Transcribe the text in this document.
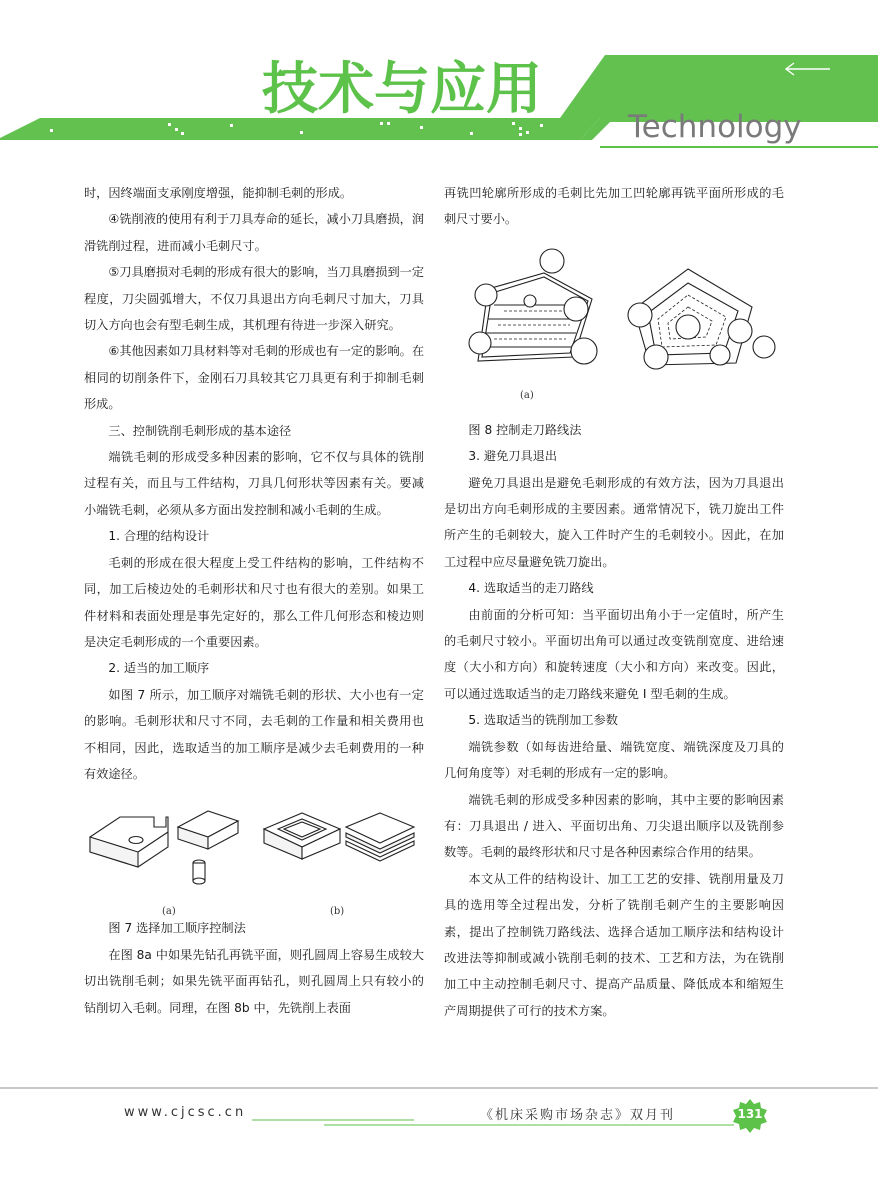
技术与应用
Technology

时，因终端面支承刚度增强，能抑制毛刺的形成。

④铣削液的使用有利于刀具寿命的延长，减小刀具磨损，润滑铣削过程，进而减小毛刺尺寸。

⑤刀具磨损对毛刺的形成有很大的影响，当刀具磨损到一定程度，刀尖圆弧增大，不仅刀具退出方向毛刺尺寸加大，刀具切入方向也会有型毛刺生成，其机理有待进一步深入研究。

⑥其他因素如刀具材料等对毛刺的形成也有一定的影响。在相同的切削条件下，金刚石刀具较其它刀具更有利于抑制毛刺形成。

三、控制铣削毛刺形成的基本途径

端铣毛刺的形成受多种因素的影响，它不仅与具体的铣削过程有关，而且与工件结构，刀具几何形状等因素有关。要减小端铣毛刺，必须从多方面出发控制和减小毛刺的生成。

1. 合理的结构设计

毛刺的形成在很大程度上受工件结构的影响，工件结构不同，加工后棱边处的毛刺形状和尺寸也有很大的差别。如果工件材料和表面处理是事先定好的，那么工件几何形态和棱边则是决定毛刺形成的一个重要因素。

2. 适当的加工顺序

如图 7 所示，加工顺序对端铣毛刺的形状、大小也有一定的影响。毛刺形状和尺寸不同，去毛刺的工作量和相关费用也不相同，因此，选取适当的加工顺序是减少去毛刺费用的一种有效途径。

(a)	(b)

图 7 选择加工顺序控制法

在图 8a 中如果先钻孔再铣平面，则孔圆周上容易生成较大切出铣削毛刺；如果先铣平面再钻孔，则孔圆周上只有较小的钻削切入毛刺。同理，在图 8b 中，先铣削上表面

再铣凹轮廓所形成的毛刺比先加工凹轮廓再铣平面所形成的毛刺尺寸要小。

(a)

图 8 控制走刀路线法

3. 避免刀具退出

避免刀具退出是避免毛刺形成的有效方法，因为刀具退出是切出方向毛刺形成的主要因素。通常情况下，铣刀旋出工件所产生的毛刺较大，旋入工件时产生的毛刺较小。因此，在加工过程中应尽量避免铣刀旋出。

4. 选取适当的走刀路线

由前面的分析可知：当平面切出角小于一定值时，所产生的毛刺尺寸较小。平面切出角可以通过改变铣削宽度、进给速度（大小和方向）和旋转速度（大小和方向）来改变。因此，可以通过选取适当的走刀路线来避免 I 型毛刺的生成。

5. 选取适当的铣削加工参数

端铣参数（如每齿进给量、端铣宽度、端铣深度及刀具的几何角度等）对毛刺的形成有一定的影响。

端铣毛刺的形成受多种因素的影响，其中主要的影响因素有：刀具退出 / 进入、平面切出角、刀尖退出顺序以及铣削参数等。毛刺的最终形状和尺寸是各种因素综合作用的结果。

本文从工件的结构设计、加工工艺的安排、铣削用量及刀具的选用等全过程出发，分析了铣削毛刺产生的主要影响因素，提出了控制铣刀路线法、选择合适加工顺序法和结构设计改进法等抑制或减小铣削毛刺的技术、工艺和方法，为在铣削加工中主动控制毛刺尺寸、提高产品质量、降低成本和缩短生产周期提供了可行的技术方案。

www.cjcsc.cn	《机床采购市场杂志》双月刊	131
